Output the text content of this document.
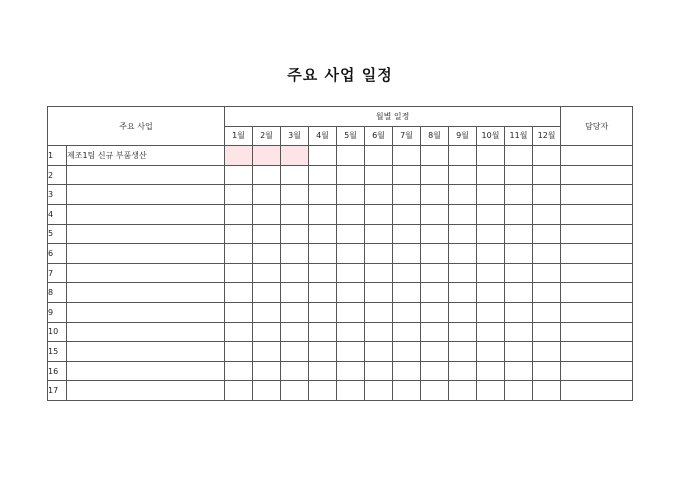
주요 사업 일정
주요 사업		월별 일정												담당자
		1월	2월	3월	4월	5월	6월	7월	8월	9월	10월	11월	12월	
1	제조1팀 신규 부품생산													
2														
3														
4														
5														
6														
7														
8														
9														
10														
15														
16														
17														
